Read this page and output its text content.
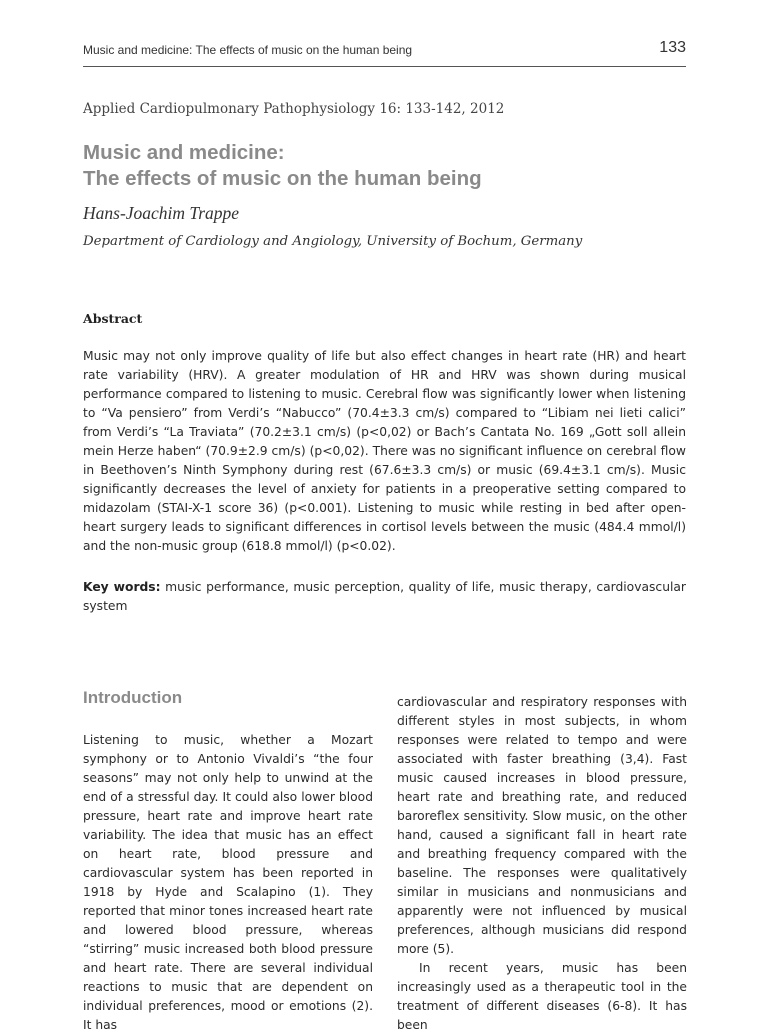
Music and medicine: The effects of music on the human being	133
Applied Cardiopulmonary Pathophysiology 16: 133-142, 2012
Music and medicine:
The effects of music on the human being
Hans-Joachim Trappe
Department of Cardiology and Angiology, University of Bochum, Germany
Abstract

Music may not only improve quality of life but also effect changes in heart rate (HR) and heart rate variability (HRV). A greater modulation of HR and HRV was shown during musical performance compared to listening to music. Cerebral flow was significantly lower when listening to “Va pensiero” from Verdi’s “Nabucco” (70.4±3.3 cm/s) compared to “Libiam nei lieti calici” from Verdi’s “La Traviata” (70.2±3.1 cm/s) (p<0,02) or Bach’s Cantata No. 169 „Gott soll allein mein Herze haben“ (70.9±2.9 cm/s) (p<0,02). There was no significant influence on cerebral flow in Beethoven’s Ninth Symphony during rest (67.6±3.3 cm/s) or music (69.4±3.1 cm/s). Music significantly decreases the level of anxiety for patients in a preoperative setting compared to midazolam (STAI-X-1 score 36) (p<0.001). Listening to music while resting in bed after open-heart surgery leads to significant differences in cortisol levels between the music (484.4 mmol/l) and the non-music group (618.8 mmol/l) (p<0.02).

Key words: music performance, music perception, quality of life, music therapy, cardiovascular system

Introduction

Listening to music, whether a Mozart symphony or to Antonio Vivaldi’s “the four seasons” may not only help to unwind at the end of a stressful day. It could also lower blood pressure, heart rate and improve heart rate variability. The idea that music has an effect on heart rate, blood pressure and cardiovascular system has been reported in 1918 by Hyde and Scalapino (1). They reported that minor tones increased heart rate and lowered blood pressure, whereas “stirring” music increased both blood pressure and heart rate. There are several individual reactions to music that are dependent on individual preferences, mood or emotions (2). It has

cardiovascular and respiratory responses with different styles in most subjects, in whom responses were related to tempo and were associated with faster breathing (3,4). Fast music caused increases in blood pressure, heart rate and breathing rate, and reduced baroreflex sensitivity. Slow music, on the other hand, caused a significant fall in heart rate and breathing frequency compared with the baseline. The responses were qualitatively similar in musicians and nonmusicians and apparently were not influenced by musical preferences, although musicians did respond more (5).

In recent years, music has been increasingly used as a therapeutic tool in the treatment of different diseases (6-8). It has been
